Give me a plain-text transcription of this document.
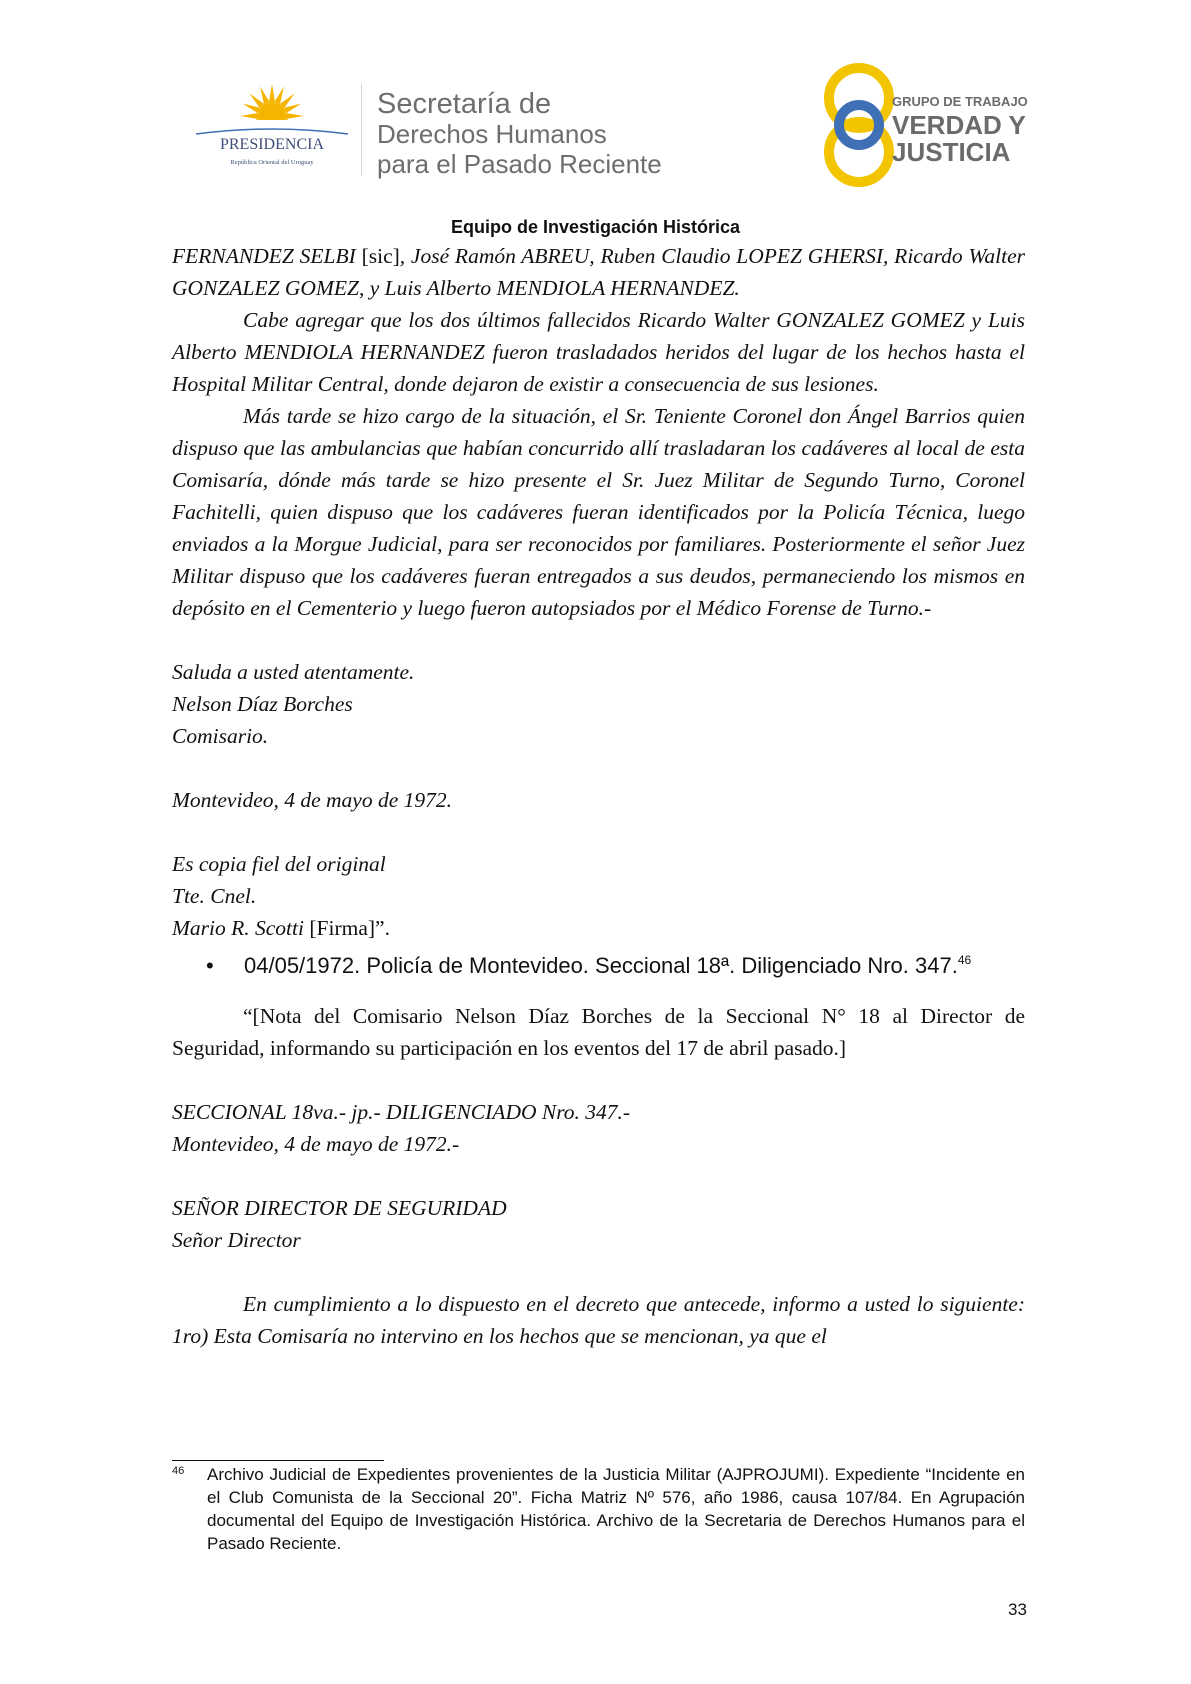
PRESIDENCIA
República Oriental del Uruguay
Secretaría de
Derechos Humanos
para el Pasado Reciente
GRUPO DE TRABAJO
VERDAD Y
JUSTICIA
Equipo de Investigación Histórica

FERNANDEZ SELBI [sic], José Ramón ABREU, Ruben Claudio LOPEZ GHERSI, Ricardo Walter GONZALEZ GOMEZ, y Luis Alberto MENDIOLA HERNANDEZ.

Cabe agregar que los dos últimos fallecidos Ricardo Walter GONZALEZ GOMEZ y Luis Alberto MENDIOLA HERNANDEZ fueron trasladados heridos del lugar de los hechos hasta el Hospital Militar Central, donde dejaron de existir a consecuencia de sus lesiones.

Más tarde se hizo cargo de la situación, el Sr. Teniente Coronel don Ángel Barrios quien dispuso que las ambulancias que habían concurrido allí trasladaran los cadáveres al local de esta Comisaría, dónde más tarde se hizo presente el Sr. Juez Militar de Segundo Turno, Coronel Fachitelli, quien dispuso que los cadáveres fueran identificados por la Policía Técnica, luego enviados a la Morgue Judicial, para ser reconocidos por familiares. Posteriormente el señor Juez Militar dispuso que los cadáveres fueran entregados a sus deudos, permaneciendo los mismos en depósito en el Cementerio y luego fueron autopsiados por el Médico Forense de Turno.-

Saluda a usted atentamente.

Nelson Díaz Borches

Comisario.

Montevideo, 4 de mayo de 1972.

Es copia fiel del original

Tte. Cnel.

Mario R. Scotti [Firma]”.

• 04/05/1972. Policía de Montevideo. Seccional 18ª. Diligenciado Nro. 347.46

“[Nota del Comisario Nelson Díaz Borches de la Seccional N° 18 al Director de Seguridad, informando su participación en los eventos del 17 de abril pasado.]

SECCIONAL 18va.- jp.- DILIGENCIADO Nro. 347.-

Montevideo, 4 de mayo de 1972.-

SEÑOR DIRECTOR DE SEGURIDAD

Señor Director

En cumplimiento a lo dispuesto en el decreto que antecede, informo a usted lo siguiente: 1ro) Esta Comisaría no intervino en los hechos que se mencionan, ya que el

46 Archivo Judicial de Expedientes provenientes de la Justicia Militar (AJPROJUMI). Expediente “Incidente en el Club Comunista de la Seccional 20”. Ficha Matriz Nº 576, año 1986, causa 107/84. En Agrupación documental del Equipo de Investigación Histórica. Archivo de la Secretaria de Derechos Humanos para el Pasado Reciente.
33
